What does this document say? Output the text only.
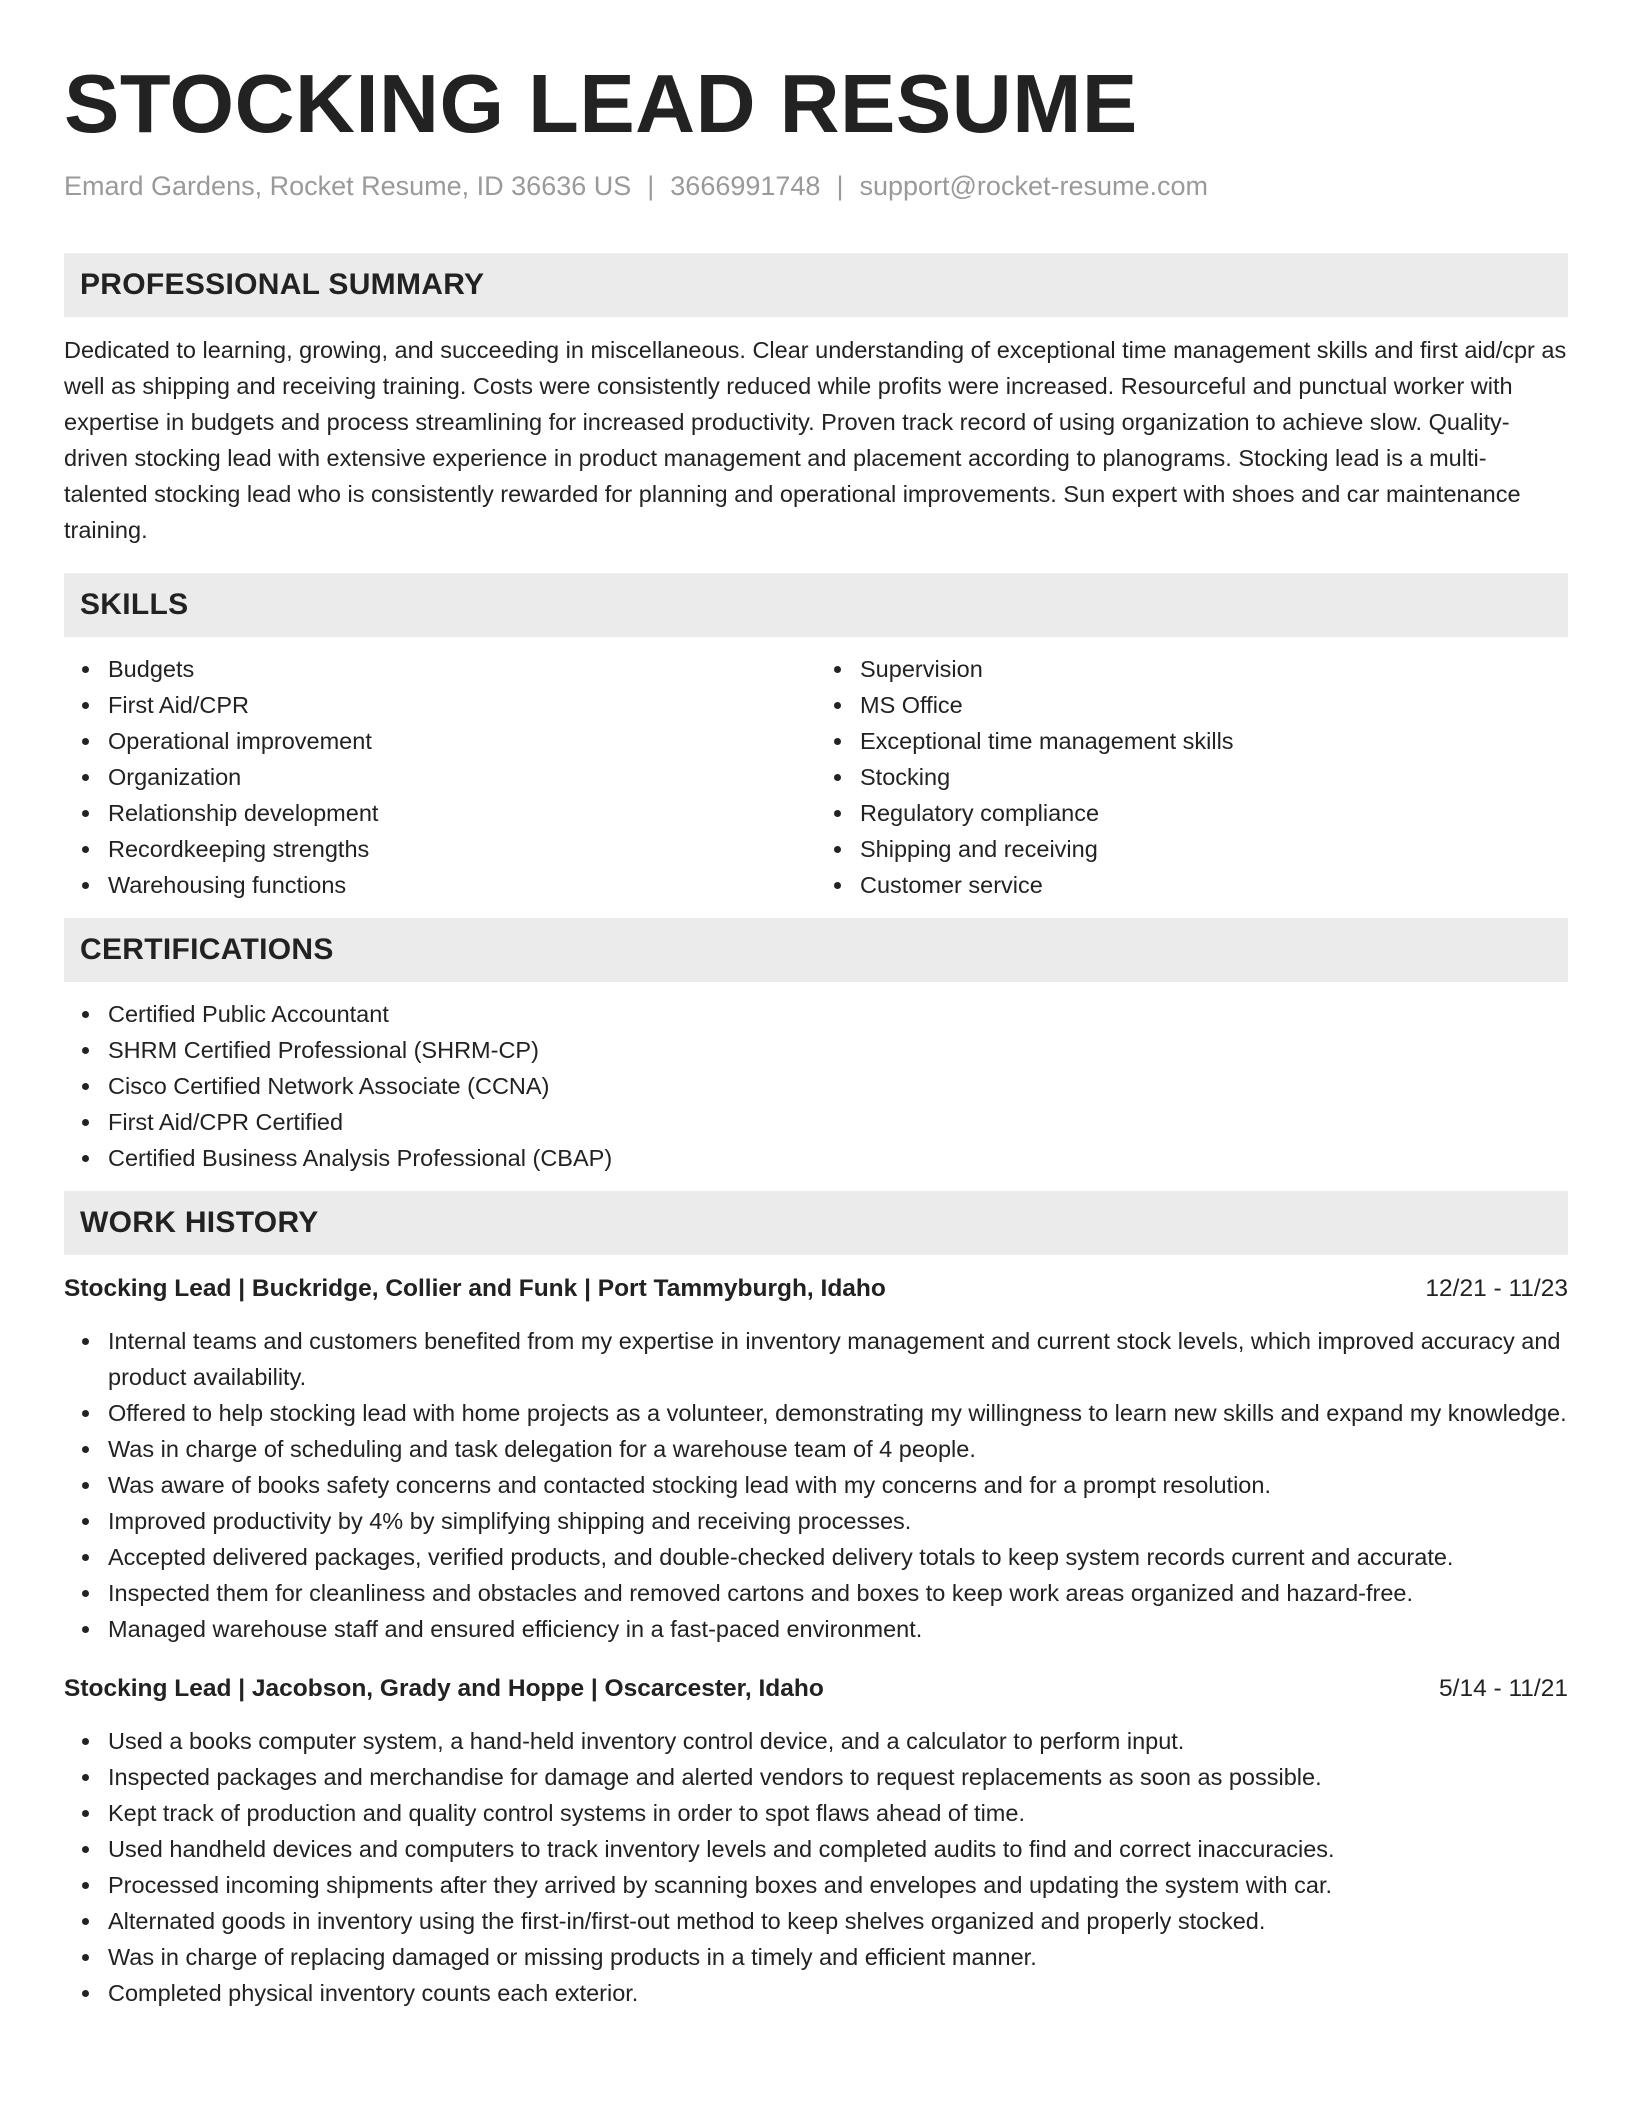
STOCKING LEAD RESUME
Emard Gardens, Rocket Resume, ID 36636 US | 3666991748 | support@rocket-resume.com
PROFESSIONAL SUMMARY

Dedicated to learning, growing, and succeeding in miscellaneous. Clear understanding of exceptional time management skills and first aid/cpr as well as shipping and receiving training. Costs were consistently reduced while profits were increased. Resourceful and punctual worker with expertise in budgets and process streamlining for increased productivity. Proven track record of using organization to achieve slow. Quality-driven stocking lead with extensive experience in product management and placement according to planograms. Stocking lead is a multi-talented stocking lead who is consistently rewarded for planning and operational improvements. Sun expert with shoes and car maintenance training.

SKILLS
Budgets
First Aid/CPR
Operational improvement
Organization
Relationship development
Recordkeeping strengths
Warehousing functions
Supervision
MS Office
Exceptional time management skills
Stocking
Regulatory compliance
Shipping and receiving
Customer service
CERTIFICATIONS
Certified Public Accountant
SHRM Certified Professional (SHRM-CP)
Cisco Certified Network Associate (CCNA)
First Aid/CPR Certified
Certified Business Analysis Professional (CBAP)
WORK HISTORY
Stocking Lead | Buckridge, Collier and Funk | Port Tammyburgh, Idaho	12/21 - 11/23
Internal teams and customers benefited from my expertise in inventory management and current stock levels, which improved accuracy and product availability.
Offered to help stocking lead with home projects as a volunteer, demonstrating my willingness to learn new skills and expand my knowledge.
Was in charge of scheduling and task delegation for a warehouse team of 4 people.
Was aware of books safety concerns and contacted stocking lead with my concerns and for a prompt resolution.
Improved productivity by 4% by simplifying shipping and receiving processes.
Accepted delivered packages, verified products, and double-checked delivery totals to keep system records current and accurate.
Inspected them for cleanliness and obstacles and removed cartons and boxes to keep work areas organized and hazard-free.
Managed warehouse staff and ensured efficiency in a fast-paced environment.
Stocking Lead | Jacobson, Grady and Hoppe | Oscarcester, Idaho	5/14 - 11/21
Used a books computer system, a hand-held inventory control device, and a calculator to perform input.
Inspected packages and merchandise for damage and alerted vendors to request replacements as soon as possible.
Kept track of production and quality control systems in order to spot flaws ahead of time.
Used handheld devices and computers to track inventory levels and completed audits to find and correct inaccuracies.
Processed incoming shipments after they arrived by scanning boxes and envelopes and updating the system with car.
Alternated goods in inventory using the first-in/first-out method to keep shelves organized and properly stocked.
Was in charge of replacing damaged or missing products in a timely and efficient manner.
Completed physical inventory counts each exterior.
